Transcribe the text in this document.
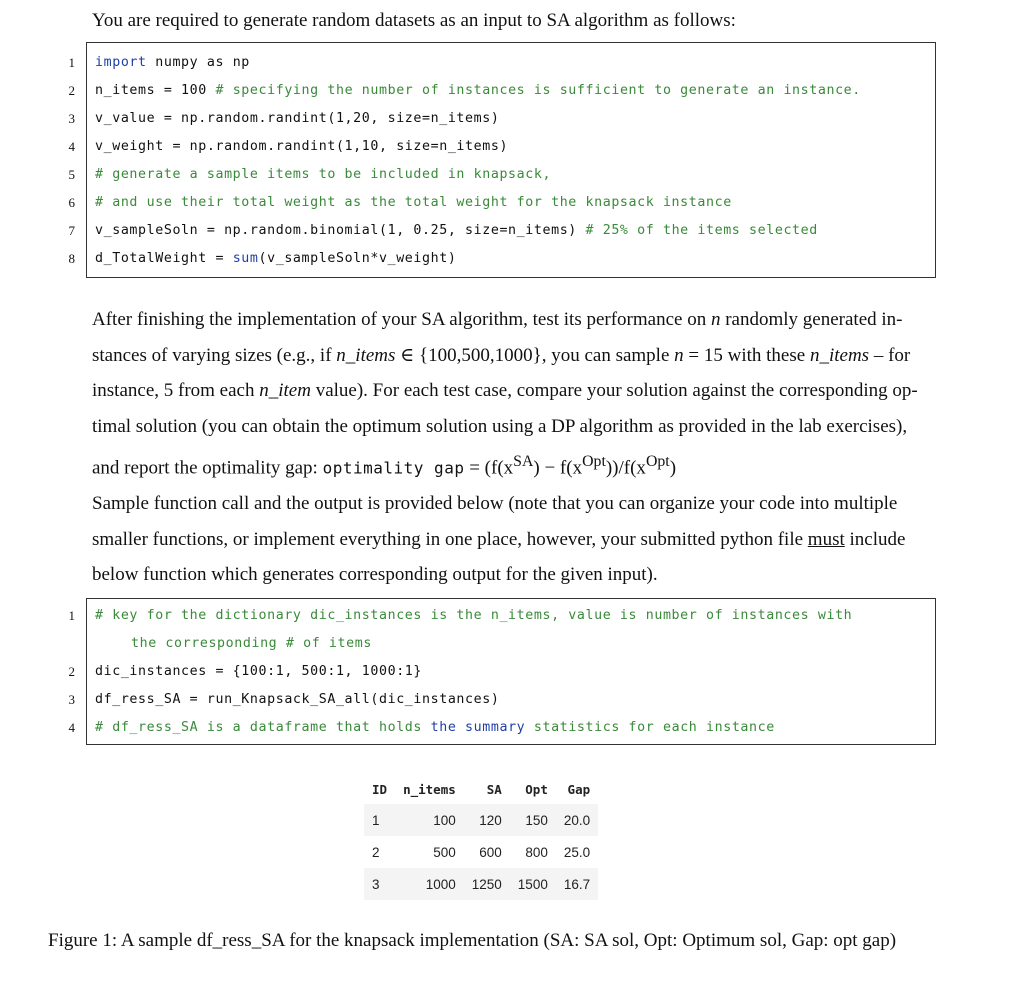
You are required to generate random datasets as an input to SA algorithm as follows:
1 import numpy as np
2 n_items = 100 # specifying the number of instances is sufficient to generate an instance.
3 v_value = np.random.randint(1,20, size=n_items)
4 v_weight = np.random.randint(1,10, size=n_items)
5 # generate a sample items to be included in knapsack,
6 # and use their total weight as the total weight for the knapsack instance
7 v_sampleSoln = np.random.binomial(1, 0.25, size=n_items) # 25% of the items selected
8 d_TotalWeight = sum(v_sampleSoln*v_weight)
After finishing the implementation of your SA algorithm, test its performance on n randomly generated in-
stances of varying sizes (e.g., if n_items ∈ {100,500,1000}, you can sample n = 15 with these n_items – for
instance, 5 from each n_item value). For each test case, compare your solution against the corresponding op-
timal solution (you can obtain the optimum solution using a DP algorithm as provided in the lab exercises),
and report the optimality gap: optimality gap = $(f(x^{SA}) - f(x^{Opt}))/f(x^{Opt})$
Sample function call and the output is provided below (note that you can organize your code into multiple
smaller functions, or implement everything in one place, however, your submitted python file must include
below function which generates corresponding output for the given input).
1 # key for the dictionary dic_instances is the n_items, value is number of instances with
the corresponding # of items
2 dic_instances = {100:1, 500:1, 1000:1}
3 df_ress_SA = run_Knapsack_SA_all(dic_instances)
4 # df_ress_SA is a dataframe that holds the summary statistics for each instance
ID	n_items	SA	Opt	Gap
1	100	120	150	20.0
2	500	600	800	25.0
3	1000	1250	1500	16.7
Figure 1: A sample df_ress_SA for the knapsack implementation (SA: SA sol, Opt: Optimum sol, Gap: opt gap)
